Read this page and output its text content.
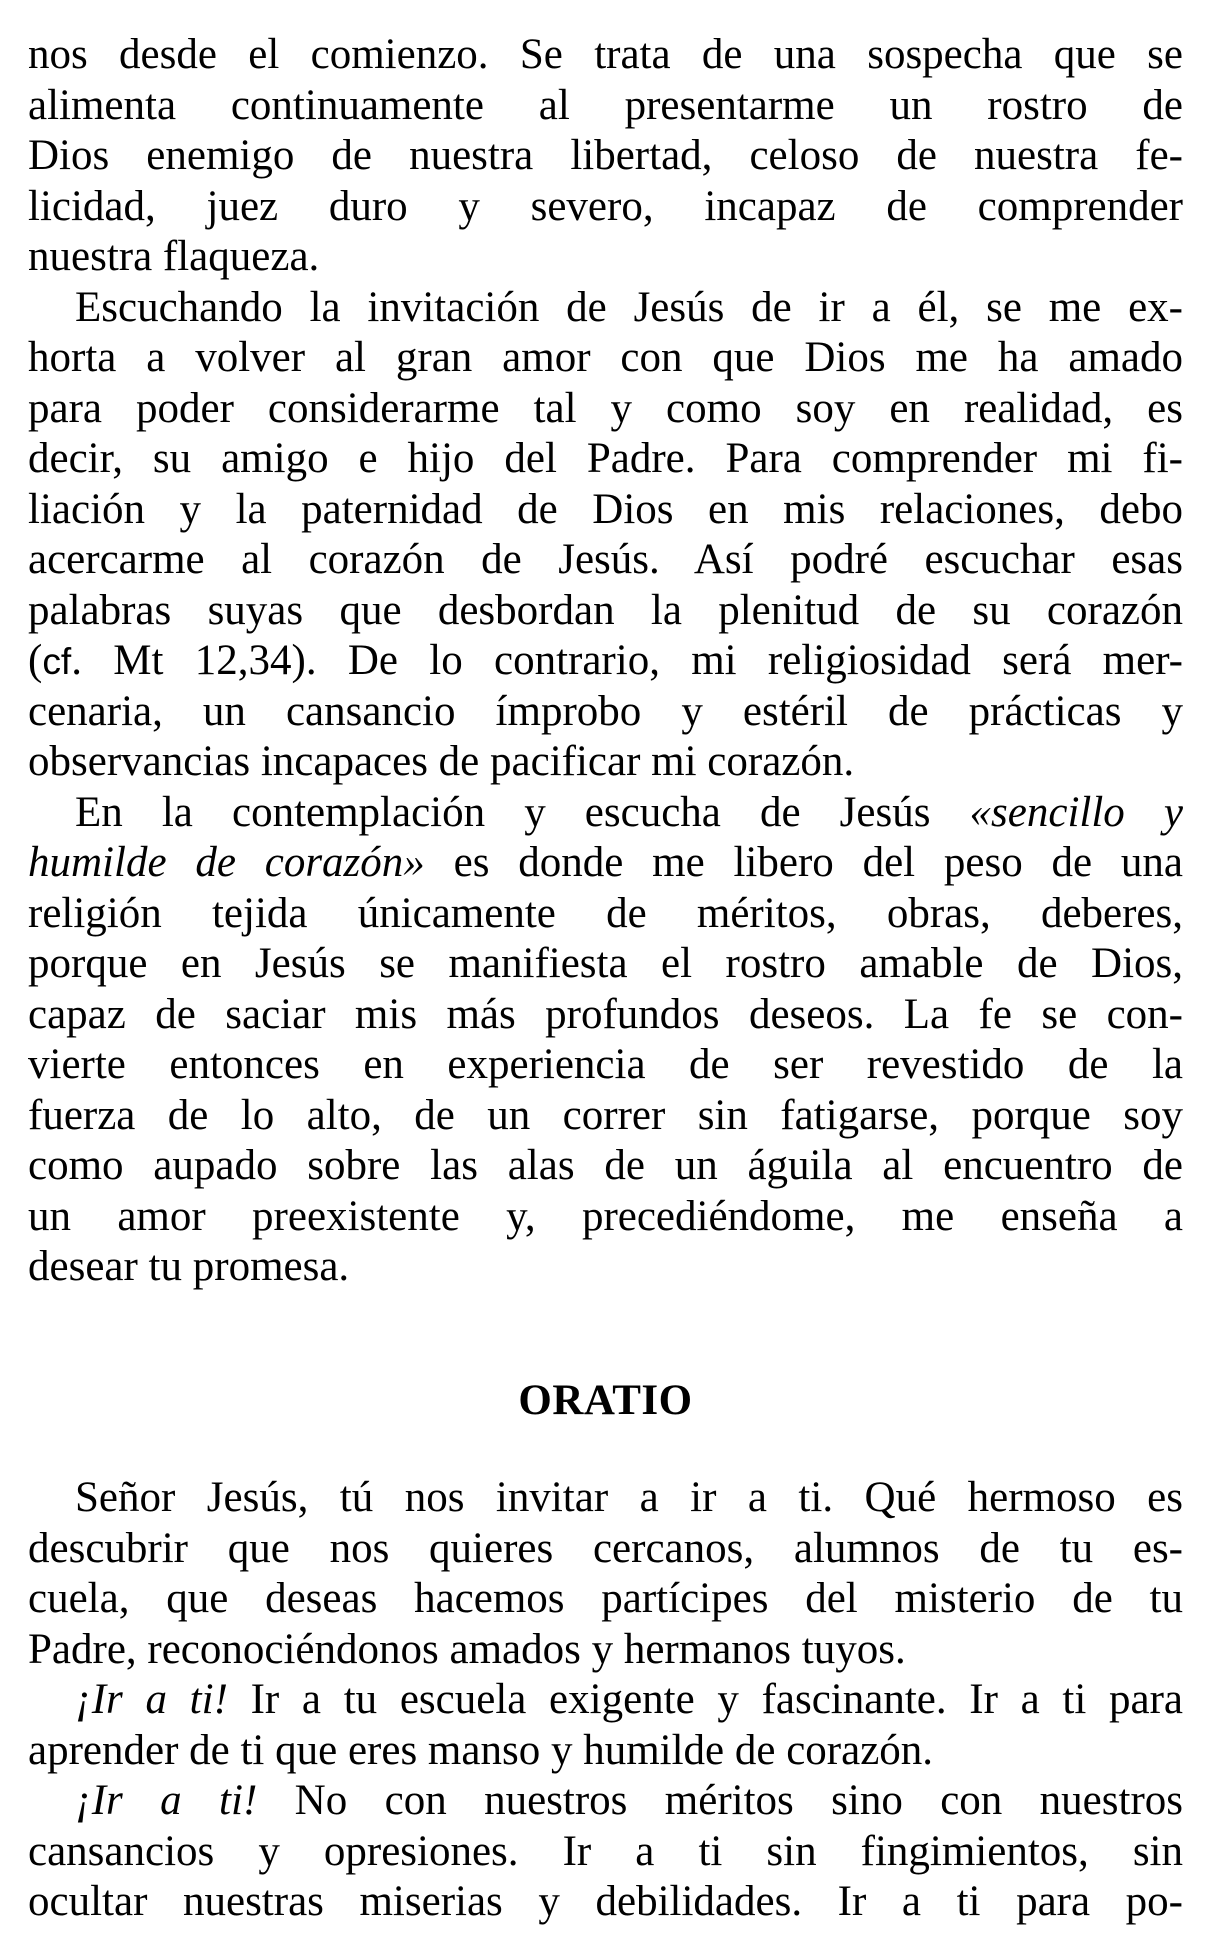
nos desde el comienzo. Se trata de una sospecha que se
alimenta continuamente al presentarme un rostro de
Dios enemigo de nuestra libertad, celoso de nuestra fe-
licidad, juez duro y severo, incapaz de comprender
nuestra flaqueza.
Escuchando la invitación de Jesús de ir a él, se me ex-
horta a volver al gran amor con que Dios me ha amado
para poder considerarme tal y como soy en realidad, es
decir, su amigo e hijo del Padre. Para comprender mi fi-
liación y la paternidad de Dios en mis relaciones, debo
acercarme al corazón de Jesús. Así podré escuchar esas
palabras suyas que desbordan la plenitud de su corazón
(cf. Mt 12,34). De lo contrario, mi religiosidad será mer-
cenaria, un cansancio ímprobo y estéril de prácticas y
observancias incapaces de pacificar mi corazón.
En la contemplación y escucha de Jesús «sencillo y
humilde de corazón» es donde me libero del peso de una
religión tejida únicamente de méritos, obras, deberes,
porque en Jesús se manifiesta el rostro amable de Dios,
capaz de saciar mis más profundos deseos. La fe se con-
vierte entonces en experiencia de ser revestido de la
fuerza de lo alto, de un correr sin fatigarse, porque soy
como aupado sobre las alas de un águila al encuentro de
un amor preexistente y, precediéndome, me enseña a
desear tu promesa.
ORATIO
Señor Jesús, tú nos invitar a ir a ti. Qué hermoso es
descubrir que nos quieres cercanos, alumnos de tu es-
cuela, que deseas hacemos partícipes del misterio de tu
Padre, reconociéndonos amados y hermanos tuyos.
¡Ir a ti! Ir a tu escuela exigente y fascinante. Ir a ti para
aprender de ti que eres manso y humilde de corazón.
¡Ir a ti! No con nuestros méritos sino con nuestros
cansancios y opresiones. Ir a ti sin fingimientos, sin
ocultar nuestras miserias y debilidades. Ir a ti para po-
